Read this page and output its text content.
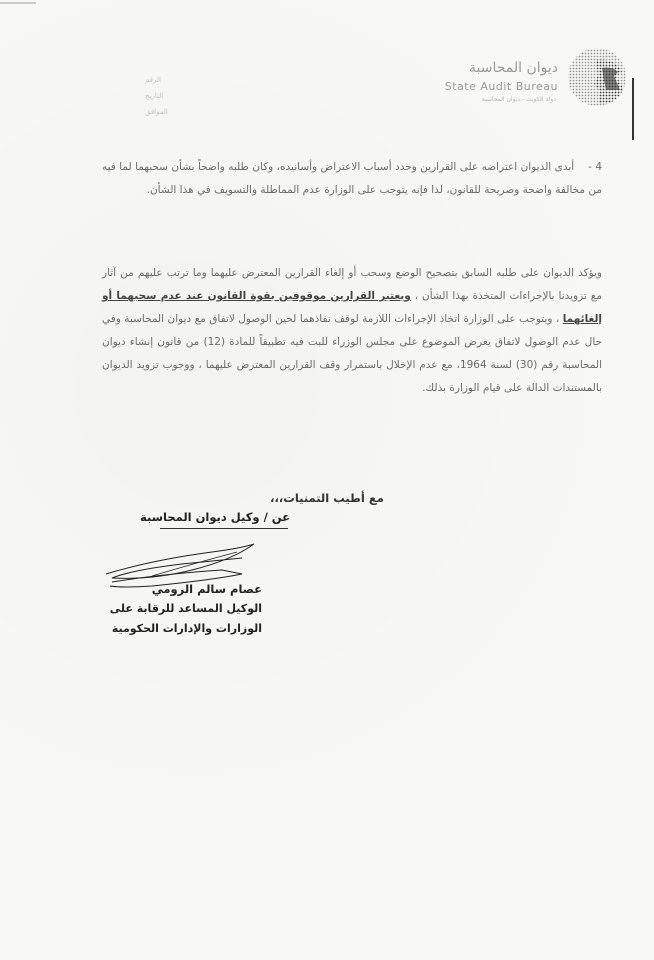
ديوان المحاسبة
State Audit Bureau
دولة الكويت - ديوان المحاسبة
الرقم
التاريخ
الموافق
4 -أبدى الديوان اعتراضه على القرارين وحدد أسباب الاعتراض وأسانيده، وكان طلبه واضحاً بشأن سحبهما لما فيه من مخالفة واضحة وصريحة للقانون، لذا فإنه يتوجب على الوزارة عدم المماطلة والتسويف في هذا الشأن.
ويؤكد الديوان على طلبه السابق بتصحيح الوضع وسحب أو إلغاء القرارين المعترض عليهما وما ترتب عليهم من آثار مع تزويدنا بالإجراءات المتخذة بهذا الشأن ، ويعتبر القرارين موقوفين بقوة القانون عند عدم سحبهما أو إلغائهما ، ويتوجب على الوزارة اتخاذ الإجراءات اللازمة لوقف نفاذهما لحين الوصول لاتفاق مع ديوان المحاسبة وفي حال عدم الوصول لاتفاق يعرض الموضوع على مجلس الوزراء للبت فيه تطبيقاً للمادة (12) من قانون إنشاء ديوان المحاسبة رقم (30) لسنة 1964، مع عدم الإخلال باستمرار وقف القرارين المعترض عليهما ، ووجوب تزويد الديوان بالمستندات الدالة على قيام الوزارة بذلك.
مع أطيب التمنيات،،،
عن / وكيل ديوان المحاسبة
عصام سالم الرومي
الوكيل المساعد للرقابة على
الوزارات والإدارات الحكومية
